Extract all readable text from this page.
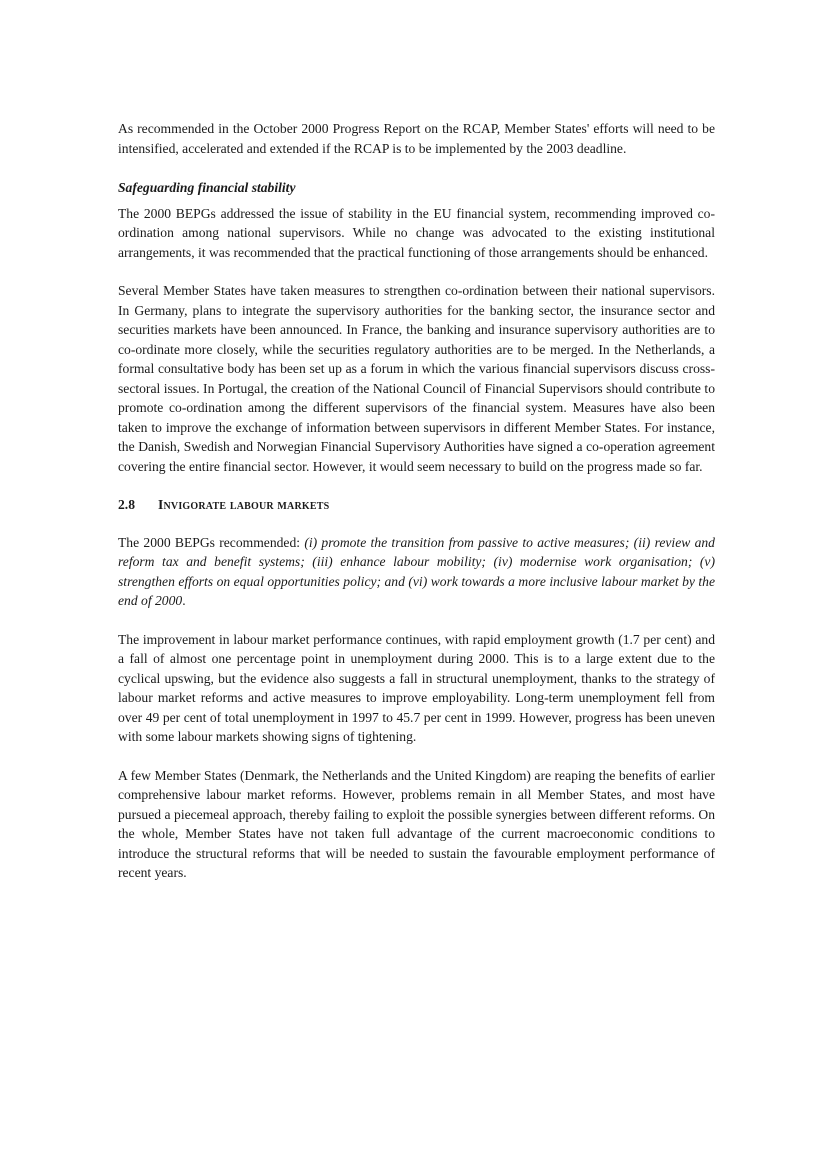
As recommended in the October 2000 Progress Report on the RCAP, Member States' efforts will need to be intensified, accelerated and extended if the RCAP is to be implemented by the 2003 deadline.

Safeguarding financial stability

The 2000 BEPGs addressed the issue of stability in the EU financial system, recommending improved co-ordination among national supervisors. While no change was advocated to the existing institutional arrangements, it was recommended that the practical functioning of those arrangements should be enhanced.

Several Member States have taken measures to strengthen co-ordination between their national supervisors. In Germany, plans to integrate the supervisory authorities for the banking sector, the insurance sector and securities markets have been announced. In France, the banking and insurance supervisory authorities are to co-ordinate more closely, while the securities regulatory authorities are to be merged. In the Netherlands, a formal consultative body has been set up as a forum in which the various financial supervisors discuss cross-sectoral issues. In Portugal, the creation of the National Council of Financial Supervisors should contribute to promote co-ordination among the different supervisors of the financial system. Measures have also been taken to improve the exchange of information between supervisors in different Member States. For instance, the Danish, Swedish and Norwegian Financial Supervisory Authorities have signed a co-operation agreement covering the entire financial sector. However, it would seem necessary to build on the progress made so far.

2.8	Invigorate labour markets

The 2000 BEPGs recommended: (i) promote the transition from passive to active measures; (ii) review and reform tax and benefit systems; (iii) enhance labour mobility; (iv) modernise work organisation; (v) strengthen efforts on equal opportunities policy; and (vi) work towards a more inclusive labour market by the end of 2000.

The improvement in labour market performance continues, with rapid employment growth (1.7 per cent) and a fall of almost one percentage point in unemployment during 2000. This is to a large extent due to the cyclical upswing, but the evidence also suggests a fall in structural unemployment, thanks to the strategy of labour market reforms and active measures to improve employability. Long-term unemployment fell from over 49 per cent of total unemployment in 1997 to 45.7 per cent in 1999. However, progress has been uneven with some labour markets showing signs of tightening.

A few Member States (Denmark, the Netherlands and the United Kingdom) are reaping the benefits of earlier comprehensive labour market reforms. However, problems remain in all Member States, and most have pursued a piecemeal approach, thereby failing to exploit the possible synergies between different reforms. On the whole, Member States have not taken full advantage of the current macroeconomic conditions to introduce the structural reforms that will be needed to sustain the favourable employment performance of recent years.
